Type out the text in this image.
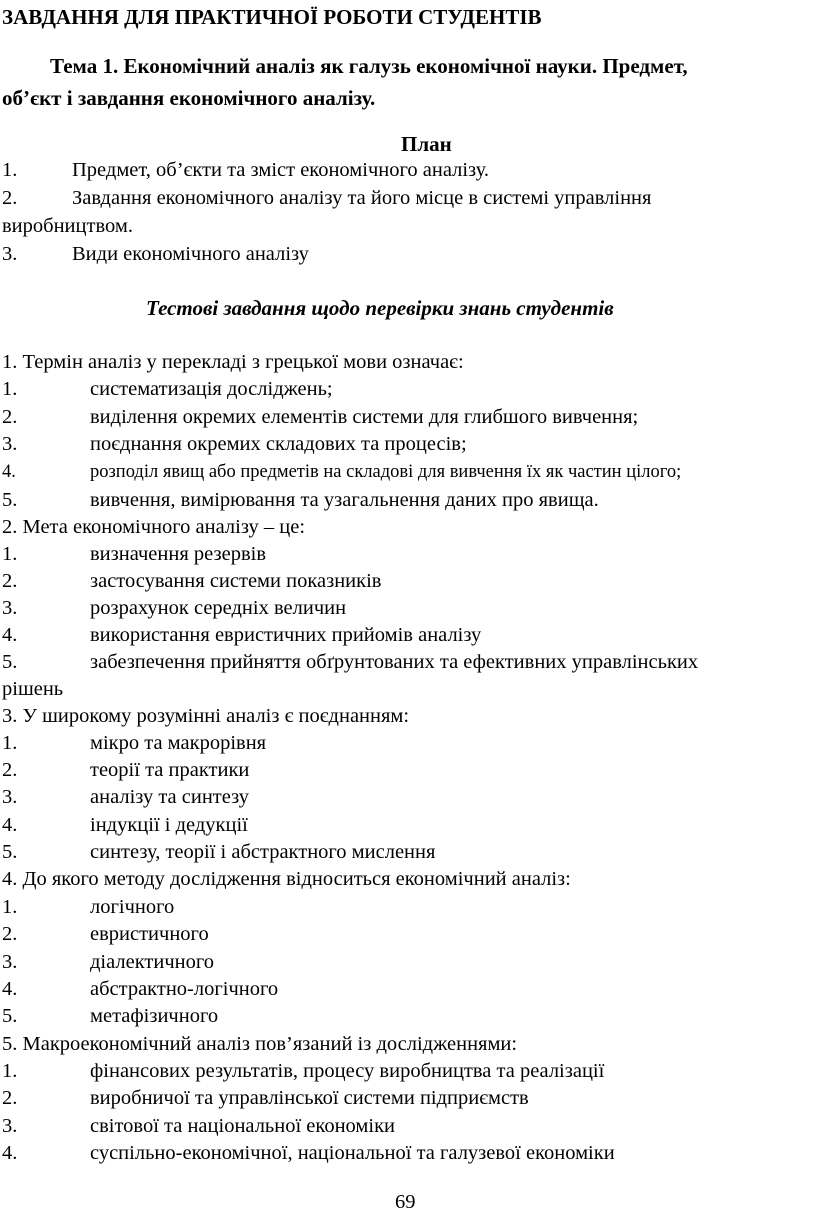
ЗАВДАННЯ ДЛЯ ПРАКТИЧНОЇ РОБОТИ СТУДЕНТІВ
Тема 1. Економічний аналіз як галузь економічної науки. Предмет,
об’єкт і завдання економічного аналізу.
План
1.	Предмет, об’єкти та зміст економічного аналізу.
2.	Завдання економічного аналізу та його місце в системі управління
виробництвом.
3.	Види економічного аналізу
Тестові завдання щодо перевірки знань студентів
1. Термін аналіз у перекладі з грецької мови означає:
1.	систематизація досліджень;
2.	виділення окремих елементів системи для глибшого вивчення;
3.	поєднання окремих складових та процесів;
4.	розподіл явищ або предметів на складові для вивчення їх як частин цілого;
5.	вивчення, вимірювання та узагальнення даних про явища.
2. Мета економічного аналізу – це:
1.	визначення резервів
2.	застосування системи показників
3.	розрахунок середніх величин
4.	використання евристичних прийомів аналізу
5.	забезпечення прийняття обґрунтованих та ефективних управлінських
рішень
3. У широкому розумінні аналіз є поєднанням:
1.	мікро та макрорівня
2.	теорії та практики
3.	аналізу та синтезу
4.	індукції і дедукції
5.	синтезу, теорії і абстрактного мислення
4. До якого методу дослідження відноситься економічний аналіз:
1.	логічного
2.	евристичного
3.	діалектичного
4.	абстрактно-логічного
5.	метафізичного
5. Макроекономічний аналіз пов’язаний із дослідженнями:
1.	фінансових результатів, процесу виробництва та реалізації
2.	виробничої та управлінської системи підприємств
3.	світової та національної економіки
4.	суспільно-економічної, національної та галузевої економіки
69
